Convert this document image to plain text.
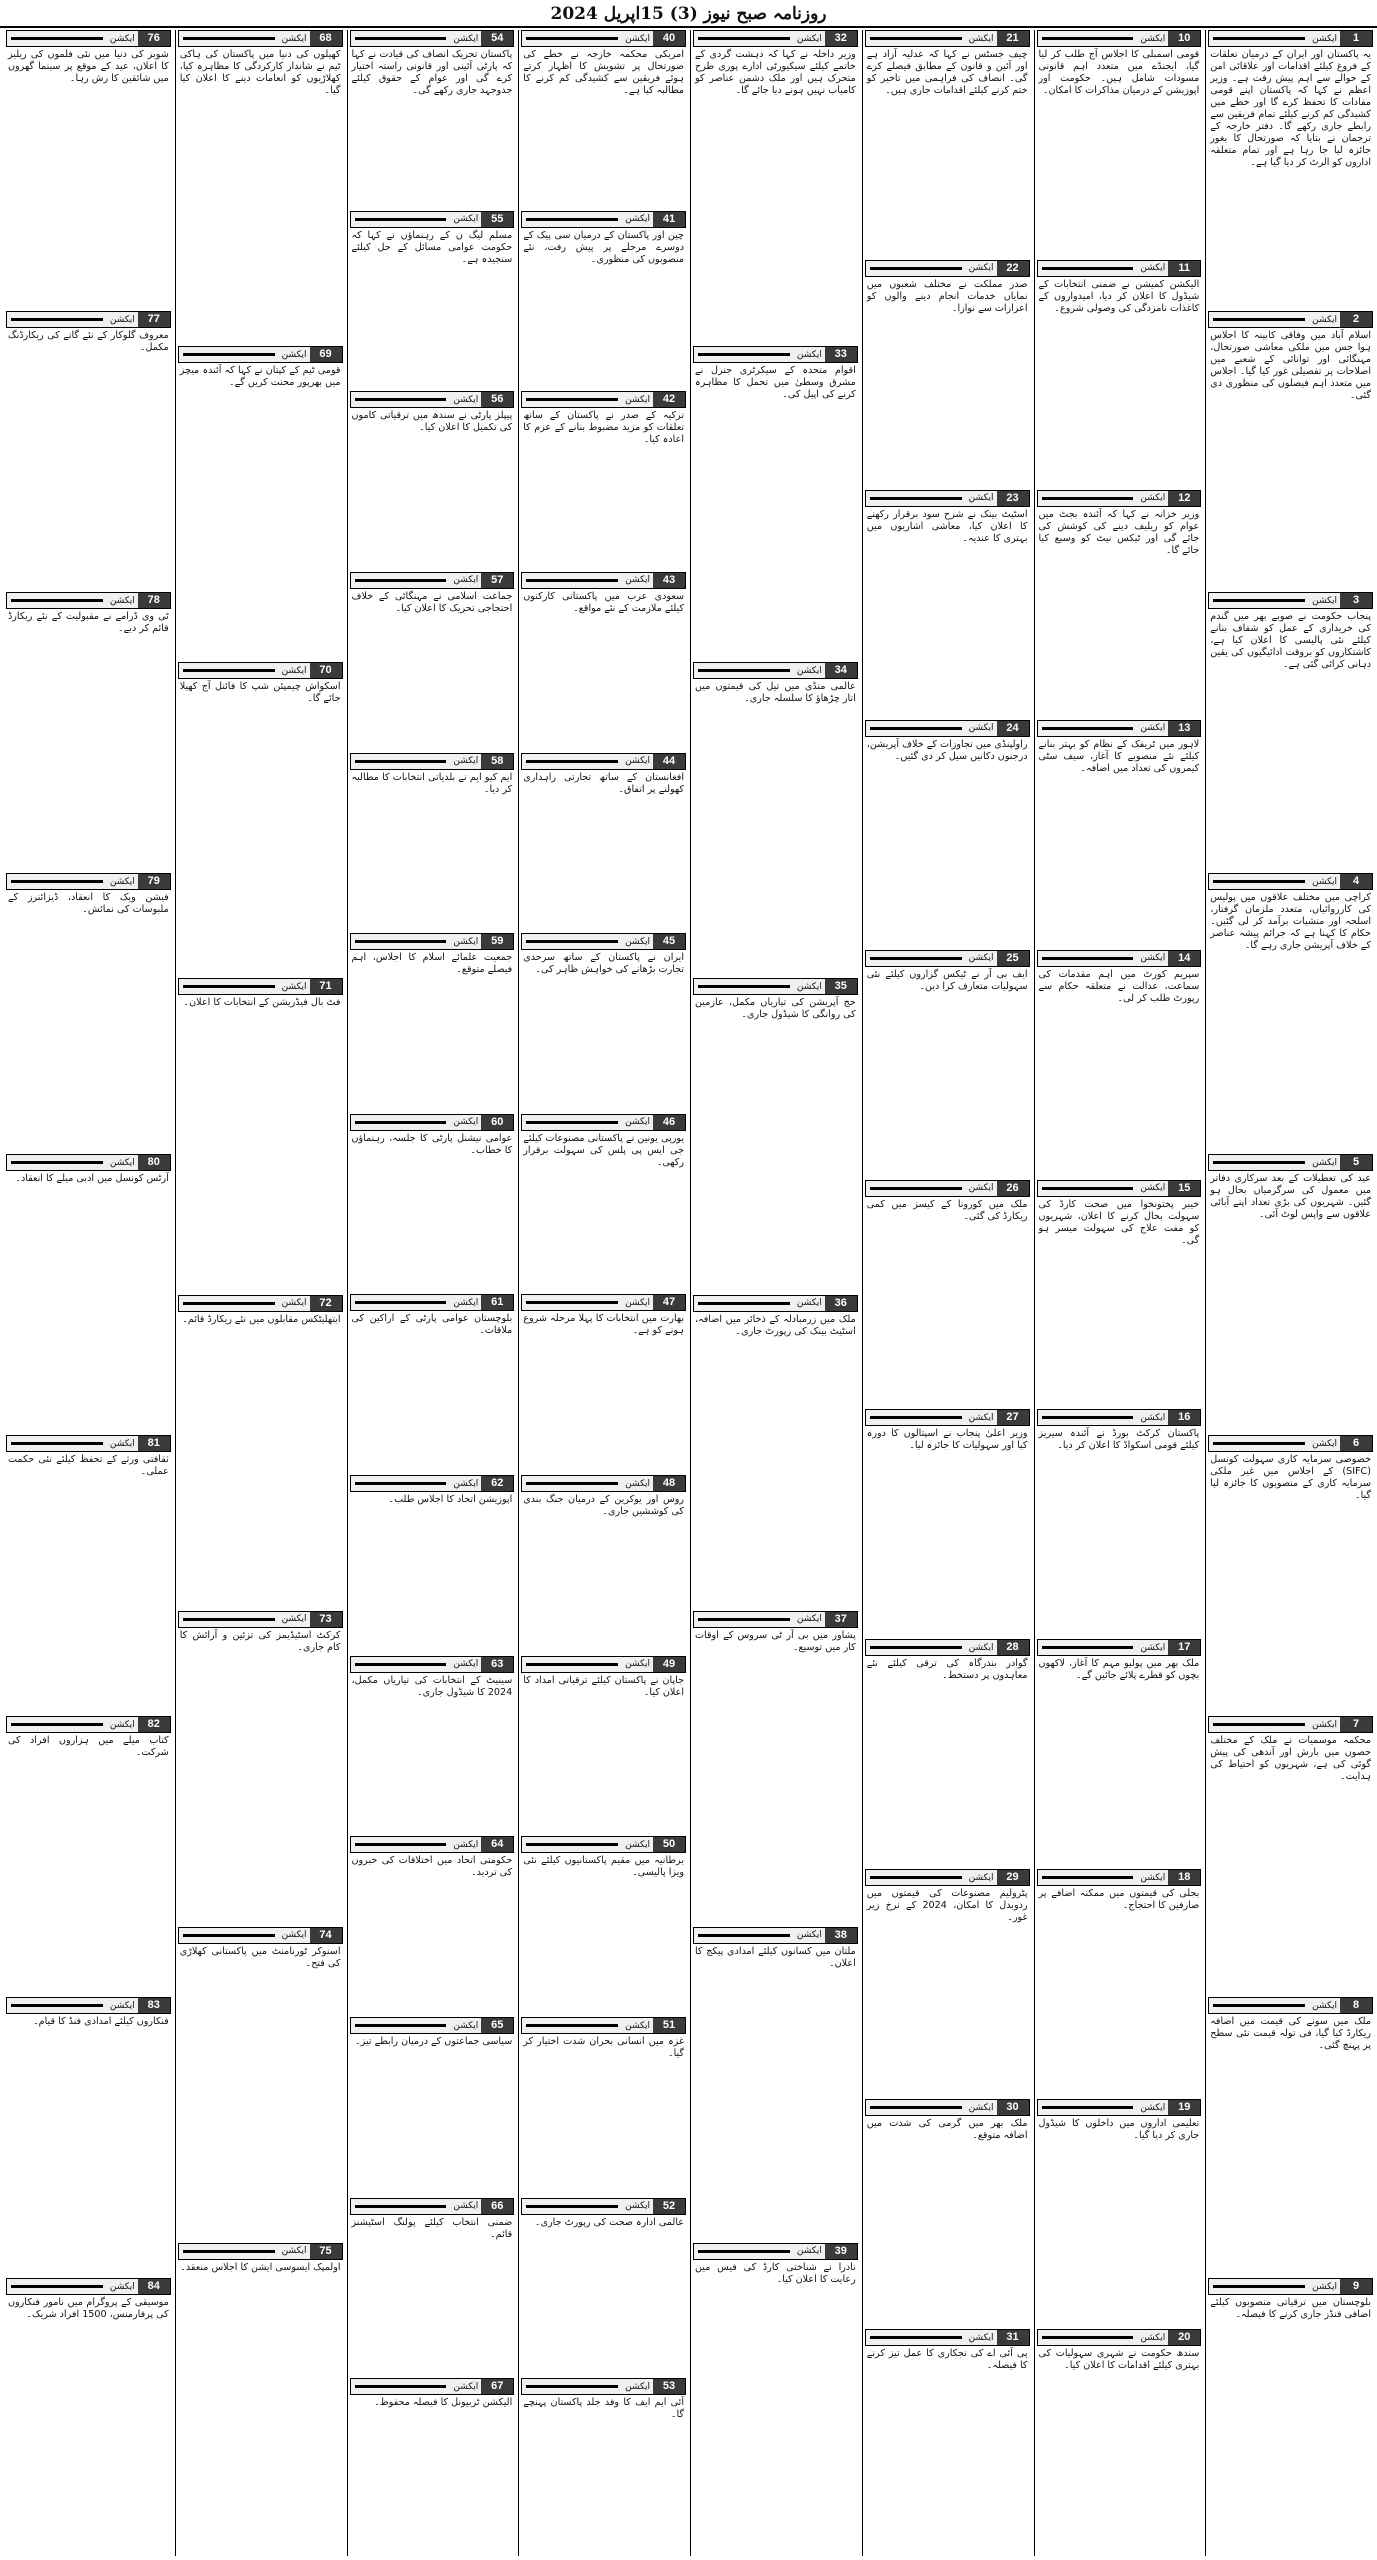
روزنامہ صبح نیوز (3) 15اپریل 2024
1
ایکشن
یہ پاکستان اور ایران کے درمیان تعلقات کے فروغ کیلئے اقدامات اور علاقائی امن کے حوالے سے اہم پیش رفت ہے۔ وزیر اعظم نے کہا کہ پاکستان اپنے قومی مفادات کا تحفظ کرے گا اور خطے میں کشیدگی کم کرنے کیلئے تمام فریقین سے رابطے جاری رکھے گا۔ دفتر خارجہ کے ترجمان نے بتایا کہ صورتحال کا بغور جائزہ لیا جا رہا ہے اور تمام متعلقہ اداروں کو الرٹ کر دیا گیا ہے۔
2
ایکشن
اسلام آباد میں وفاقی کابینہ کا اجلاس ہوا جس میں ملکی معاشی صورتحال، مہنگائی اور توانائی کے شعبے میں اصلاحات پر تفصیلی غور کیا گیا۔ اجلاس میں متعدد اہم فیصلوں کی منظوری دی گئی۔
3
ایکشن
پنجاب حکومت نے صوبے بھر میں گندم کی خریداری کے عمل کو شفاف بنانے کیلئے نئی پالیسی کا اعلان کیا ہے، کاشتکاروں کو بروقت ادائیگیوں کی یقین دہانی کرائی گئی ہے۔
4
ایکشن
کراچی میں مختلف علاقوں میں پولیس کی کارروائیاں، متعدد ملزمان گرفتار، اسلحہ اور منشیات برآمد کر لی گئیں۔ حکام کا کہنا ہے کہ جرائم پیشہ عناصر کے خلاف آپریشن جاری رہے گا۔
5
ایکشن
عید کی تعطیلات کے بعد سرکاری دفاتر میں معمول کی سرگرمیاں بحال ہو گئیں۔ شہریوں کی بڑی تعداد اپنے آبائی علاقوں سے واپس لوٹ آئی۔
6
ایکشن
خصوصی سرمایہ کاری سہولت کونسل (SIFC) کے اجلاس میں غیر ملکی سرمایہ کاری کے منصوبوں کا جائزہ لیا گیا۔
7
ایکشن
محکمہ موسمیات نے ملک کے مختلف حصوں میں بارش اور آندھی کی پیش گوئی کی ہے، شہریوں کو احتیاط کی ہدایت۔
8
ایکشن
ملک میں سونے کی قیمت میں اضافہ ریکارڈ کیا گیا، فی تولہ قیمت نئی سطح پر پہنچ گئی۔
9
ایکشن
بلوچستان میں ترقیاتی منصوبوں کیلئے اضافی فنڈز جاری کرنے کا فیصلہ۔
10
ایکشن
قومی اسمبلی کا اجلاس آج طلب کر لیا گیا، ایجنڈے میں متعدد اہم قانونی مسودات شامل ہیں۔ حکومت اور اپوزیشن کے درمیان مذاکرات کا امکان۔
11
ایکشن
الیکشن کمیشن نے ضمنی انتخابات کے شیڈول کا اعلان کر دیا، امیدواروں کے کاغذات نامزدگی کی وصولی شروع۔
12
ایکشن
وزیر خزانہ نے کہا کہ آئندہ بجٹ میں عوام کو ریلیف دینے کی کوشش کی جائے گی اور ٹیکس نیٹ کو وسیع کیا جائے گا۔
13
ایکشن
لاہور میں ٹریفک کے نظام کو بہتر بنانے کیلئے نئے منصوبے کا آغاز، سیف سٹی کیمروں کی تعداد میں اضافہ۔
14
ایکشن
سپریم کورٹ میں اہم مقدمات کی سماعت، عدالت نے متعلقہ حکام سے رپورٹ طلب کر لی۔
15
ایکشن
خیبر پختونخوا میں صحت کارڈ کی سہولت بحال کرنے کا اعلان، شہریوں کو مفت علاج کی سہولت میسر ہو گی۔
16
ایکشن
پاکستان کرکٹ بورڈ نے آئندہ سیریز کیلئے قومی اسکواڈ کا اعلان کر دیا۔
17
ایکشن
ملک بھر میں پولیو مہم کا آغاز، لاکھوں بچوں کو قطرے پلائے جائیں گے۔
18
ایکشن
بجلی کی قیمتوں میں ممکنہ اضافے پر صارفین کا احتجاج۔
19
ایکشن
تعلیمی اداروں میں داخلوں کا شیڈول جاری کر دیا گیا۔
20
ایکشن
سندھ حکومت نے شہری سہولیات کی بہتری کیلئے اقدامات کا اعلان کیا۔
21
ایکشن
چیف جسٹس نے کہا کہ عدلیہ آزاد ہے اور آئین و قانون کے مطابق فیصلے کرے گی۔ انصاف کی فراہمی میں تاخیر کو ختم کرنے کیلئے اقدامات جاری ہیں۔
22
ایکشن
صدر مملکت نے مختلف شعبوں میں نمایاں خدمات انجام دینے والوں کو اعزازات سے نوازا۔
23
ایکشن
اسٹیٹ بینک نے شرح سود برقرار رکھنے کا اعلان کیا، معاشی اشاریوں میں بہتری کا عندیہ۔
24
ایکشن
راولپنڈی میں تجاوزات کے خلاف آپریشن، درجنوں دکانیں سیل کر دی گئیں۔
25
ایکشن
ایف بی آر نے ٹیکس گزاروں کیلئے نئی سہولیات متعارف کرا دیں۔
26
ایکشن
ملک میں کورونا کے کیسز میں کمی ریکارڈ کی گئی۔
27
ایکشن
وزیر اعلیٰ پنجاب نے اسپتالوں کا دورہ کیا اور سہولیات کا جائزہ لیا۔
28
ایکشن
گوادر بندرگاہ کی ترقی کیلئے نئے معاہدوں پر دستخط۔
29
ایکشن
پٹرولیم مصنوعات کی قیمتوں میں ردوبدل کا امکان، 2024 کے نرخ زیر غور۔
30
ایکشن
ملک بھر میں گرمی کی شدت میں اضافہ متوقع۔
31
ایکشن
پی آئی اے کی نجکاری کا عمل تیز کرنے کا فیصلہ۔
32
ایکشن
وزیر داخلہ نے کہا کہ دہشت گردی کے خاتمے کیلئے سیکیورٹی ادارے پوری طرح متحرک ہیں اور ملک دشمن عناصر کو کامیاب نہیں ہونے دیا جائے گا۔
33
ایکشن
اقوام متحدہ کے سیکرٹری جنرل نے مشرق وسطیٰ میں تحمل کا مظاہرہ کرنے کی اپیل کی۔
34
ایکشن
عالمی منڈی میں تیل کی قیمتوں میں اتار چڑھاؤ کا سلسلہ جاری۔
35
ایکشن
حج آپریشن کی تیاریاں مکمل، عازمین کی روانگی کا شیڈول جاری۔
36
ایکشن
ملک میں زرمبادلہ کے ذخائر میں اضافہ، اسٹیٹ بینک کی رپورٹ جاری۔
37
ایکشن
پشاور میں بی آر ٹی سروس کے اوقات کار میں توسیع۔
38
ایکشن
ملتان میں کسانوں کیلئے امدادی پیکج کا اعلان۔
39
ایکشن
نادرا نے شناختی کارڈ کی فیس میں رعایت کا اعلان کیا۔
40
ایکشن
امریکی محکمہ خارجہ نے خطے کی صورتحال پر تشویش کا اظہار کرتے ہوئے فریقین سے کشیدگی کم کرنے کا مطالبہ کیا ہے۔
41
ایکشن
چین اور پاکستان کے درمیان سی پیک کے دوسرے مرحلے پر پیش رفت، نئے منصوبوں کی منظوری۔
42
ایکشن
ترکیہ کے صدر نے پاکستان کے ساتھ تعلقات کو مزید مضبوط بنانے کے عزم کا اعادہ کیا۔
43
ایکشن
سعودی عرب میں پاکستانی کارکنوں کیلئے ملازمت کے نئے مواقع۔
44
ایکشن
افغانستان کے ساتھ تجارتی راہداری کھولنے پر اتفاق۔
45
ایکشن
ایران نے پاکستان کے ساتھ سرحدی تجارت بڑھانے کی خواہش ظاہر کی۔
46
ایکشن
یورپی یونین نے پاکستانی مصنوعات کیلئے جی ایس پی پلس کی سہولت برقرار رکھی۔
47
ایکشن
بھارت میں انتخابات کا پہلا مرحلہ شروع ہونے کو ہے۔
48
ایکشن
روس اور یوکرین کے درمیان جنگ بندی کی کوششیں جاری۔
49
ایکشن
جاپان نے پاکستان کیلئے ترقیاتی امداد کا اعلان کیا۔
50
ایکشن
برطانیہ میں مقیم پاکستانیوں کیلئے نئی ویزا پالیسی۔
51
ایکشن
غزہ میں انسانی بحران شدت اختیار کر گیا۔
52
ایکشن
عالمی ادارہ صحت کی رپورٹ جاری۔
53
ایکشن
آئی ایم ایف کا وفد جلد پاکستان پہنچے گا۔
54
ایکشن
پاکستان تحریک انصاف کی قیادت نے کہا کہ پارٹی آئینی اور قانونی راستہ اختیار کرے گی اور عوام کے حقوق کیلئے جدوجہد جاری رکھے گی۔
55
ایکشن
مسلم لیگ ن کے رہنماؤں نے کہا کہ حکومت عوامی مسائل کے حل کیلئے سنجیدہ ہے۔
56
ایکشن
پیپلز پارٹی نے سندھ میں ترقیاتی کاموں کی تکمیل کا اعلان کیا۔
57
ایکشن
جماعت اسلامی نے مہنگائی کے خلاف احتجاجی تحریک کا اعلان کیا۔
58
ایکشن
ایم کیو ایم نے بلدیاتی انتخابات کا مطالبہ کر دیا۔
59
ایکشن
جمعیت علمائے اسلام کا اجلاس، اہم فیصلے متوقع۔
60
ایکشن
عوامی نیشنل پارٹی کا جلسہ، رہنماؤں کا خطاب۔
61
ایکشن
بلوچستان عوامی پارٹی کے اراکین کی ملاقات۔
62
ایکشن
اپوزیشن اتحاد کا اجلاس طلب۔
63
ایکشن
سینیٹ کے انتخابات کی تیاریاں مکمل، 2024 کا شیڈول جاری۔
64
ایکشن
حکومتی اتحاد میں اختلافات کی خبروں کی تردید۔
65
ایکشن
سیاسی جماعتوں کے درمیان رابطے تیز۔
66
ایکشن
ضمنی انتخاب کیلئے پولنگ اسٹیشنز قائم۔
67
ایکشن
الیکشن ٹربیونل کا فیصلہ محفوظ۔
68
ایکشن
کھیلوں کی دنیا میں پاکستان کی ہاکی ٹیم نے شاندار کارکردگی کا مظاہرہ کیا، کھلاڑیوں کو انعامات دینے کا اعلان کیا گیا۔
69
ایکشن
قومی ٹیم کے کپتان نے کہا کہ آئندہ میچز میں بھرپور محنت کریں گے۔
70
ایکشن
اسکواش چیمپئن شپ کا فائنل آج کھیلا جائے گا۔
71
ایکشن
فٹ بال فیڈریشن کے انتخابات کا اعلان۔
72
ایکشن
ایتھلیٹکس مقابلوں میں نئے ریکارڈ قائم۔
73
ایکشن
کرکٹ اسٹیڈیمز کی تزئین و آرائش کا کام جاری۔
74
ایکشن
اسنوکر ٹورنامنٹ میں پاکستانی کھلاڑی کی فتح۔
75
ایکشن
اولمپک ایسوسی ایشن کا اجلاس منعقد۔
76
ایکشن
شوبز کی دنیا میں نئی فلموں کی ریلیز کا اعلان، عید کے موقع پر سینما گھروں میں شائقین کا رش رہا۔
77
ایکشن
معروف گلوکار کے نئے گانے کی ریکارڈنگ مکمل۔
78
ایکشن
ٹی وی ڈرامے نے مقبولیت کے نئے ریکارڈ قائم کر دیے۔
79
ایکشن
فیشن ویک کا انعقاد، ڈیزائنرز کے ملبوسات کی نمائش۔
80
ایکشن
آرٹس کونسل میں ادبی میلے کا انعقاد۔
81
ایکشن
ثقافتی ورثے کے تحفظ کیلئے نئی حکمت عملی۔
82
ایکشن
کتاب میلے میں ہزاروں افراد کی شرکت۔
83
ایکشن
فنکاروں کیلئے امدادی فنڈ کا قیام۔
84
ایکشن
موسیقی کے پروگرام میں نامور فنکاروں کی پرفارمنس، 1500 افراد شریک۔
